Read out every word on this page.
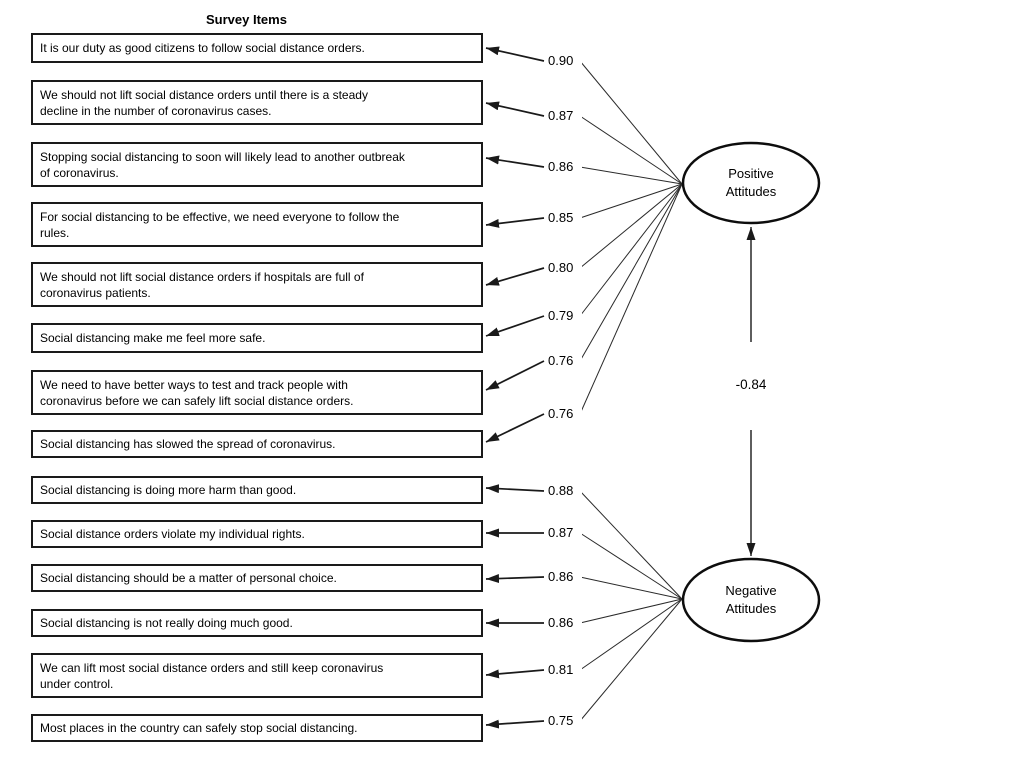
Survey Items
It is our duty as good citizens to follow social distance orders.
We should not lift social distance orders until there is a steady
decline in the number of coronavirus cases.
Stopping social distancing to soon will likely lead to another outbreak
of coronavirus.
For social distancing to be effective, we need everyone to follow the
rules.
We should not lift social distance orders if hospitals are full of
coronavirus patients.
Social distancing make me feel more safe.
We need to have better ways to test and track people with
coronavirus before we can safely lift social distance orders.
Social distancing has slowed the spread of coronavirus.
Social distancing is doing more harm than good.
Social distance orders violate my individual rights.
Social distancing should be a matter of personal choice.
Social distancing is not really doing much good.
We can lift most social distance orders and still keep coronavirus
under control.
Most places in the country can safely stop social distancing.
0.90
0.87
0.86
0.85
0.80
0.79
0.76
0.76
0.88
0.87
0.86
0.86
0.81
0.75
Positive Attitudes
Negative Attitudes
-0.84
